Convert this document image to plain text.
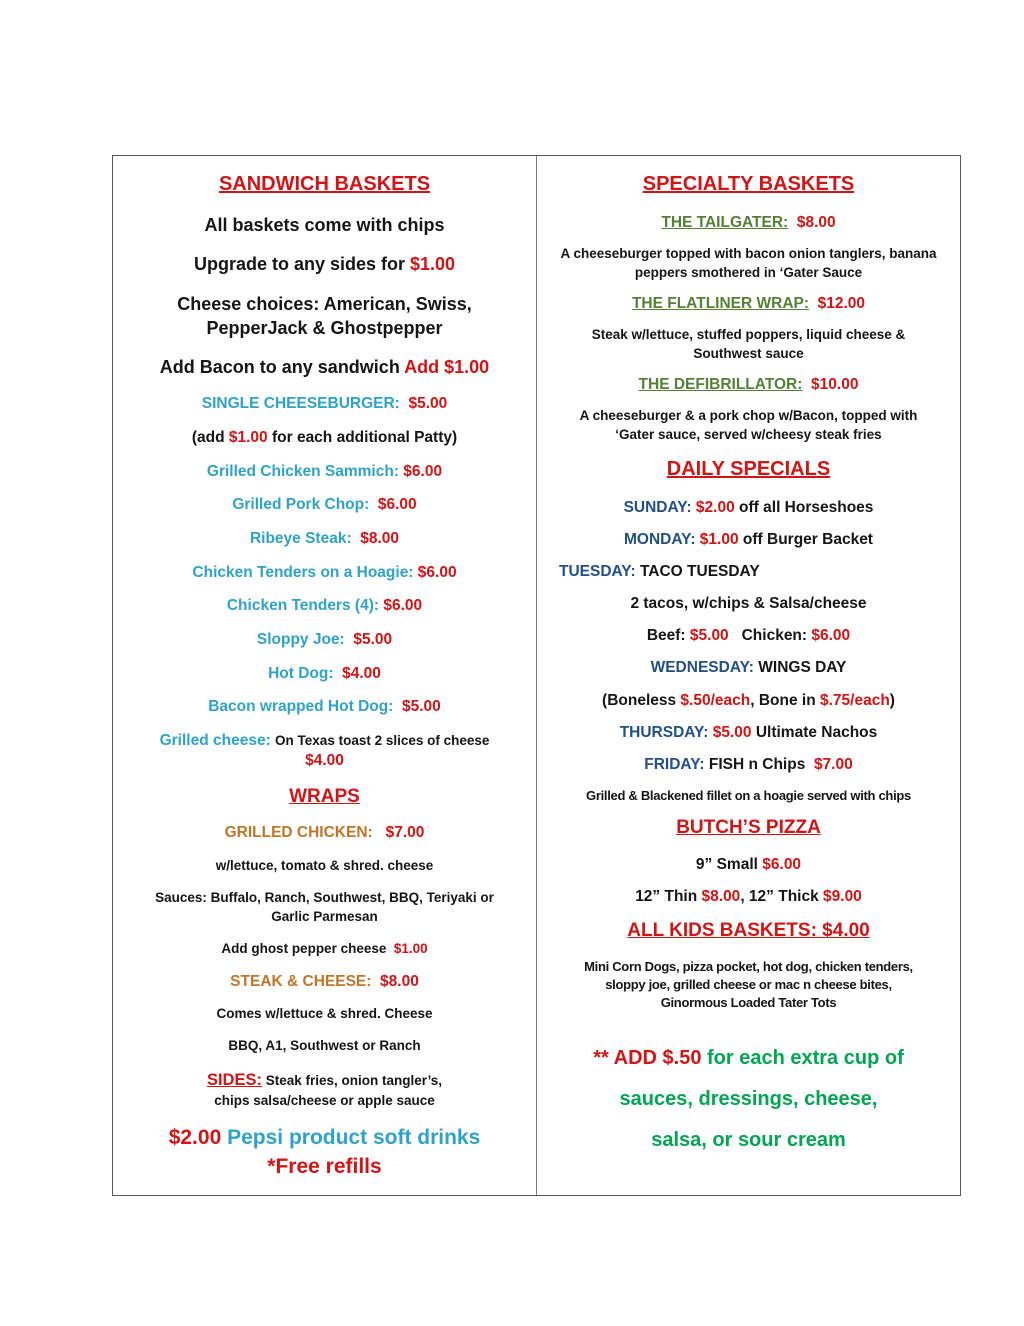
SANDWICH BASKETS
All baskets come with chips
Upgrade to any sides for $1.00
Cheese choices: American, Swiss, PepperJack & Ghostpepper
Add Bacon to any sandwich Add $1.00
SINGLE CHEESEBURGER:  $5.00
(add $1.00 for each additional Patty)
Grilled Chicken Sammich: $6.00
Grilled Pork Chop:  $6.00
Ribeye Steak:  $8.00
Chicken Tenders on a Hoagie: $6.00
Chicken Tenders (4): $6.00
Sloppy Joe:  $5.00
Hot Dog:  $4.00
Bacon wrapped Hot Dog:  $5.00
Grilled cheese: On Texas toast 2 slices of cheese  $4.00
WRAPS
GRILLED CHICKEN:   $7.00
w/lettuce, tomato & shred. cheese
Sauces: Buffalo, Ranch, Southwest, BBQ, Teriyaki or Garlic Parmesan
Add ghost pepper cheese  $1.00
STEAK & CHEESE:  $8.00
Comes w/lettuce & shred. Cheese
BBQ, A1, Southwest or Ranch
SIDES: Steak fries, onion tangler’s,
chips salsa/cheese or apple sauce
$2.00 Pepsi product soft drinks
*Free refills
SPECIALTY BASKETS
THE TAILGATER:  $8.00
A cheeseburger topped with bacon onion tanglers, banana peppers smothered in ‘Gater Sauce
THE FLATLINER WRAP:  $12.00
Steak w/lettuce, stuffed poppers, liquid cheese & Southwest sauce
THE DEFIBRILLATOR:  $10.00
A cheeseburger & a pork chop w/Bacon, topped with ‘Gater sauce, served w/cheesy steak fries
DAILY SPECIALS
SUNDAY: $2.00 off all Horseshoes
MONDAY: $1.00 off Burger Backet
TUESDAY: TACO TUESDAY
2 tacos, w/chips & Salsa/cheese
Beef: $5.00   Chicken: $6.00
WEDNESDAY: WINGS DAY
(Boneless $.50/each, Bone in $.75/each)
THURSDAY: $5.00 Ultimate Nachos
FRIDAY: FISH n Chips  $7.00
Grilled & Blackened fillet on a hoagie served with chips
BUTCH’S PIZZA
9” Small $6.00
12” Thin $8.00, 12” Thick $9.00
ALL KIDS BASKETS: $4.00
Mini Corn Dogs, pizza pocket, hot dog, chicken tenders,
sloppy joe, grilled cheese or mac n cheese bites,
Ginormous Loaded Tater Tots
** ADD $.50 for each extra cup of
sauces, dressings, cheese,
salsa, or sour cream
